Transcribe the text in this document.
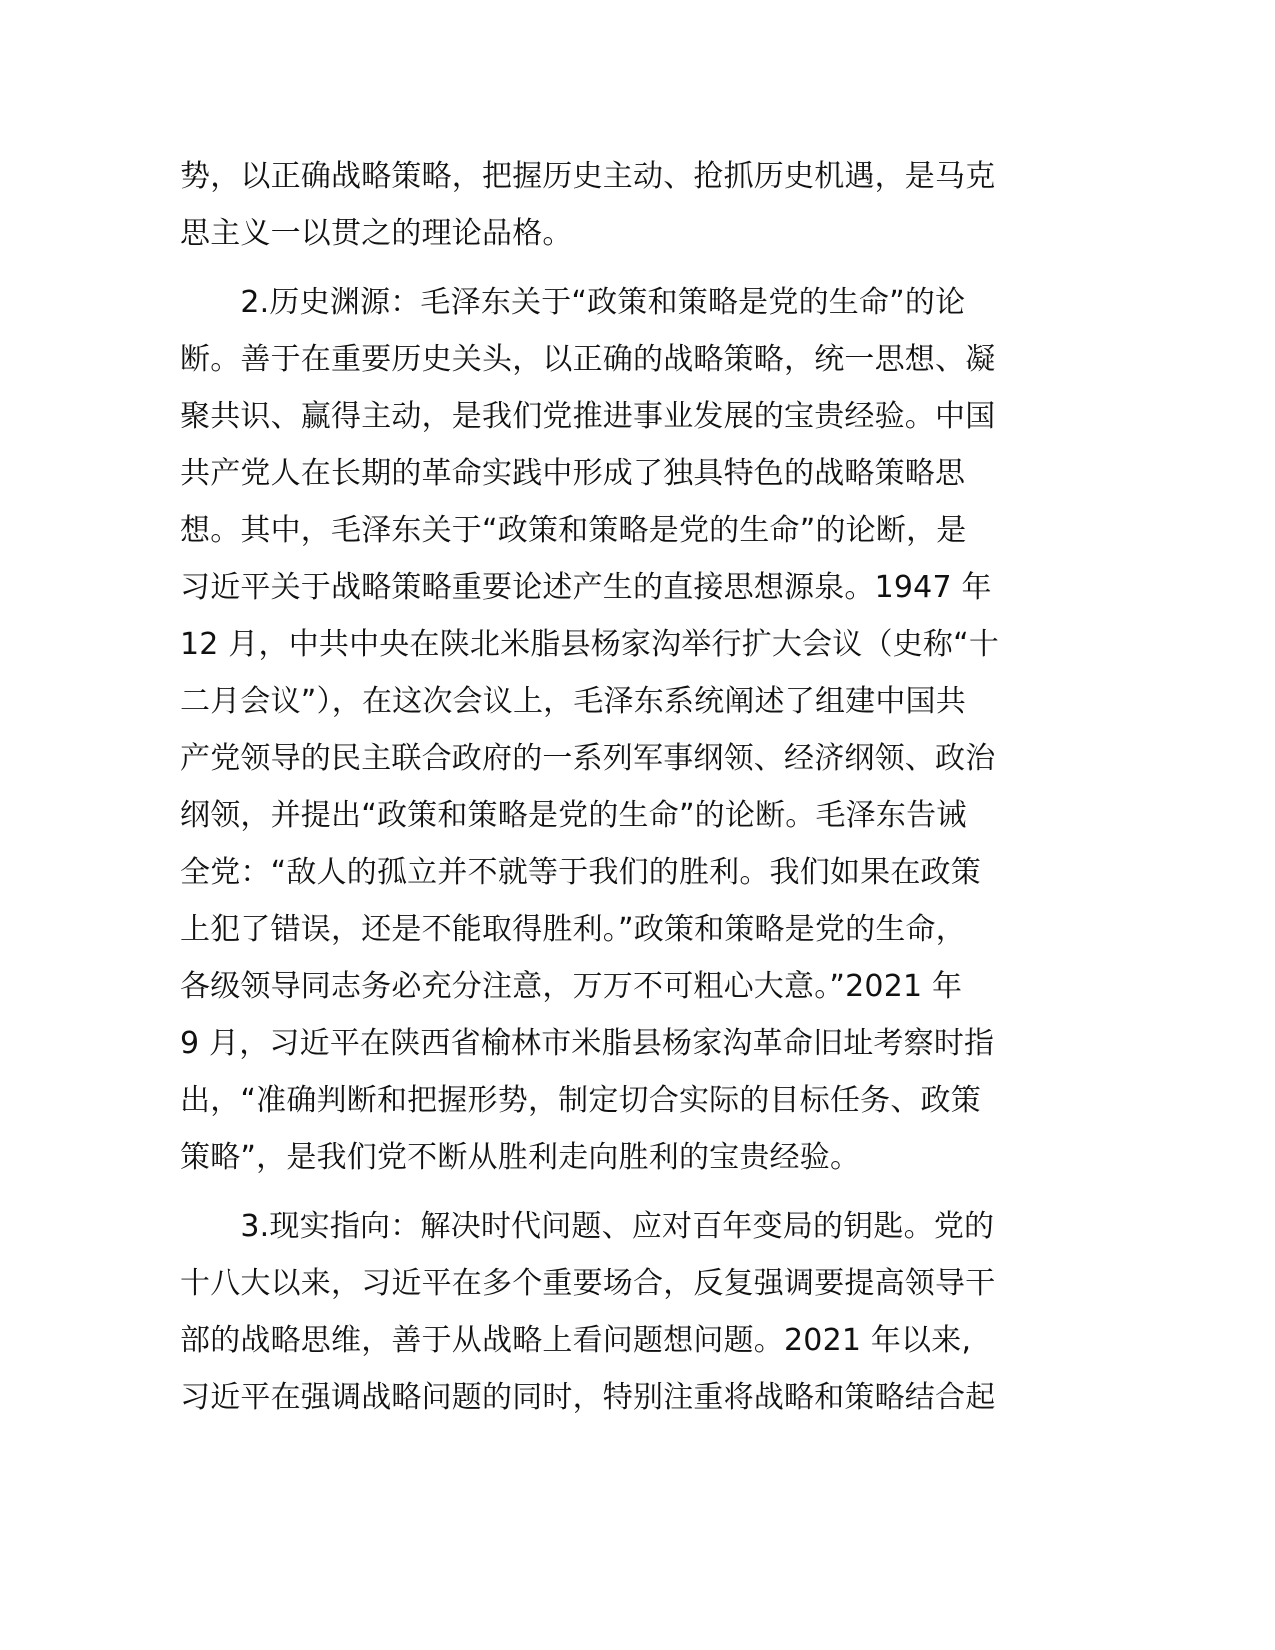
势，以正确战略策略，把握历史主动、抢抓历史机遇，是马克
思主义一以贯之的理论品格。
　　2.历史渊源：毛泽东关于“政策和策略是党的生命”的论
断。善于在重要历史关头，以正确的战略策略，统一思想、凝
聚共识、赢得主动，是我们党推进事业发展的宝贵经验。中国
共产党人在长期的革命实践中形成了独具特色的战略策略思
想。其中，毛泽东关于“政策和策略是党的生命”的论断，是
习近平关于战略策略重要论述产生的直接思想源泉。1947 年
12 月，中共中央在陕北米脂县杨家沟举行扩大会议（史称“十
二月会议”），在这次会议上，毛泽东系统阐述了组建中国共
产党领导的民主联合政府的一系列军事纲领、经济纲领、政治
纲领，并提出“政策和策略是党的生命”的论断。毛泽东告诫
全党：“敌人的孤立并不就等于我们的胜利。我们如果在政策
上犯了错误，还是不能取得胜利。”政策和策略是党的生命，
各级领导同志务必充分注意，万万不可粗心大意。”2021 年
9 月，习近平在陕西省榆林市米脂县杨家沟革命旧址考察时指
出，“准确判断和把握形势，制定切合实际的目标任务、政策
策略”，是我们党不断从胜利走向胜利的宝贵经验。
　　3.现实指向：解决时代问题、应对百年变局的钥匙。党的
十八大以来，习近平在多个重要场合，反复强调要提高领导干
部的战略思维，善于从战略上看问题想问题。2021 年以来,
习近平在强调战略问题的同时，特别注重将战略和策略结合起
